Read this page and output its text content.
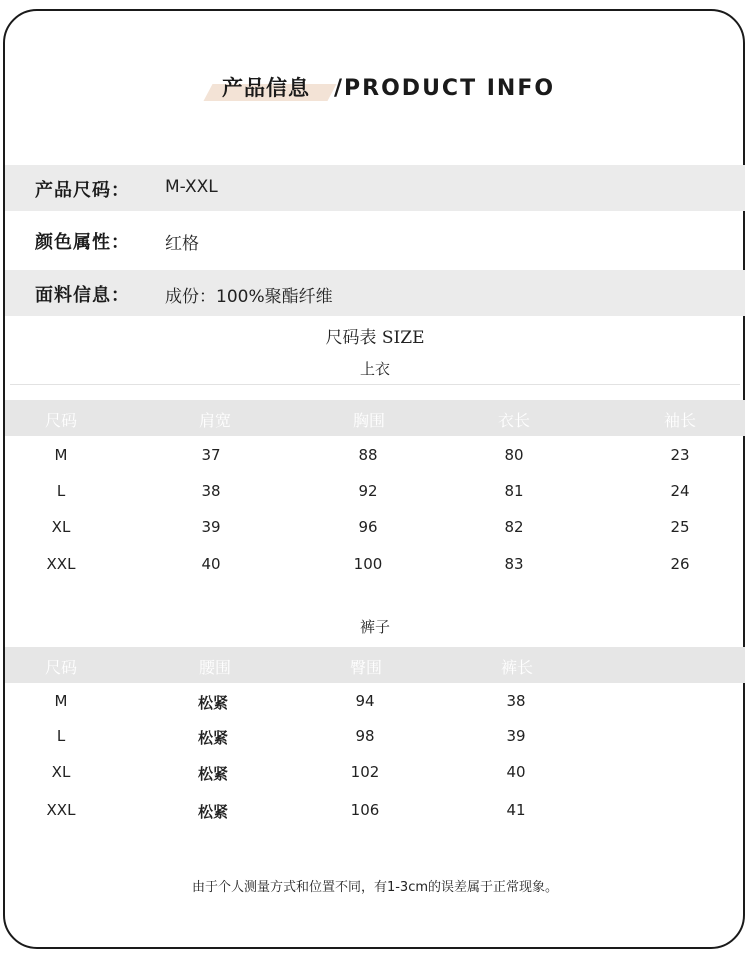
产品信息 /PRODUCT INFO
产品尺码： M-XXL
颜色属性： 红格
面料信息： 成份：100%聚酯纤维
尺码表 SIZE
上衣
尺码	肩宽	胸围	衣长	袖长
M	37	88	80	23
L	38	92	81	24
XL	39	96	82	25
XXL	40	100	83	26
裤子
尺码	腰围	臀围	裤长
M	松紧	94	38
L	松紧	98	39
XL	松紧	102	40
XXL	松紧	106	41
由于个人测量方式和位置不同，有1-3cm的误差属于正常现象。
